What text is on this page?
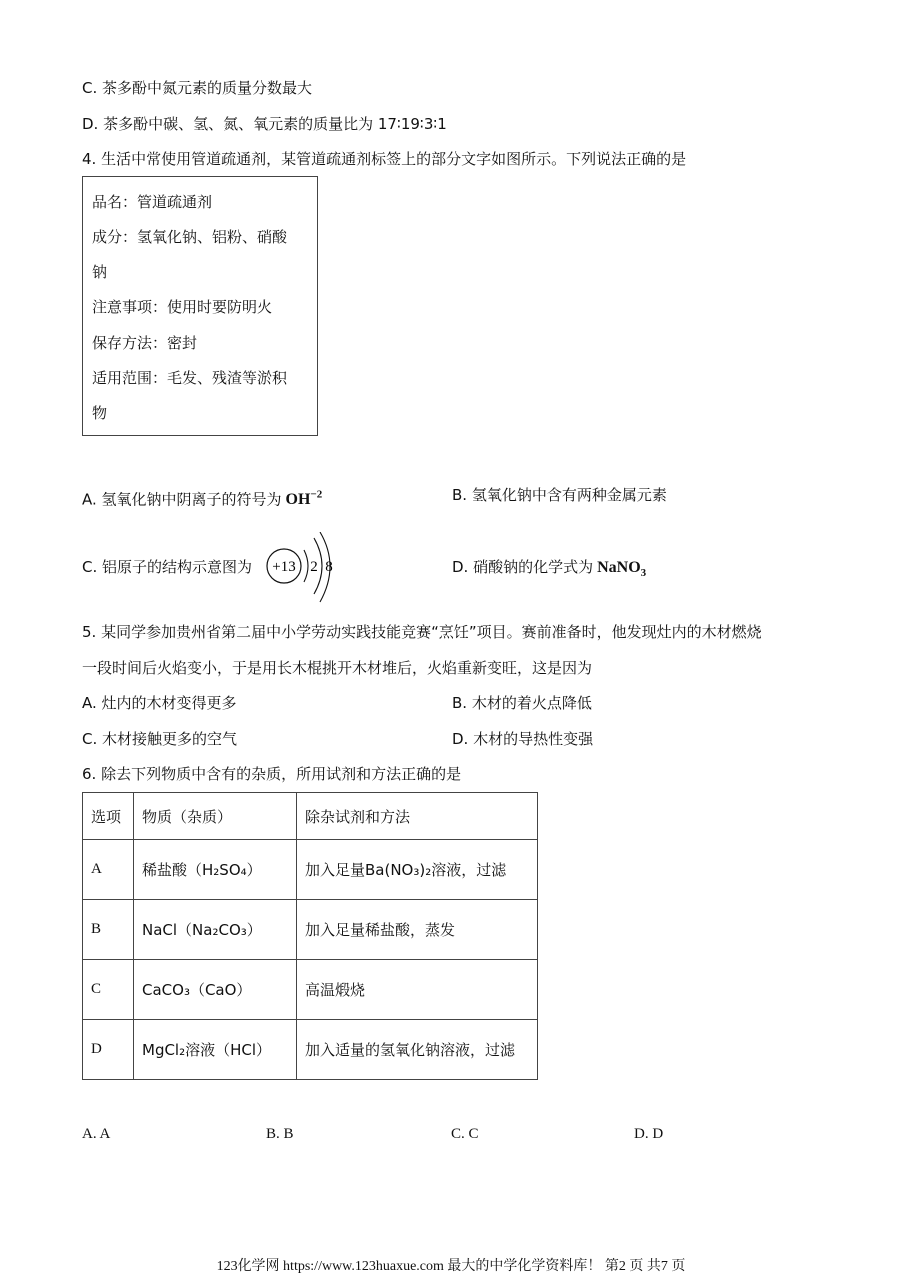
C. 茶多酚中氮元素的质量分数最大
D. 茶多酚中碳、氢、氮、氧元素的质量比为 17∶19∶3∶1
4. 生活中常使用管道疏通剂，某管道疏通剂标签上的部分文字如图所示。下列说法正确的是
品名：管道疏通剂
成分：氢氧化钠、铝粉、硝酸
钠
注意事项：使用时要防明火
保存方法：密封
适用范围：毛发、残渣等淤积
物
A. 氢氧化钠中阴离子的符号为 $OH^{-2}$	B. 氢氧化钠中含有两种金属元素
C. 铝原子的结构示意图为 +13 2 8	D. 硝酸钠的化学式为 NaNO$_3$
5. 某同学参加贵州省第二届中小学劳动实践技能竞赛“烹饪”项目。赛前准备时，他发现灶内的木材燃烧
一段时间后火焰变小，于是用长木棍挑开木材堆后，火焰重新变旺，这是因为
A. 灶内的木材变得更多	B. 木材的着火点降低
C. 木材接触更多的空气	D. 木材的导热性变强
6. 除去下列物质中含有的杂质，所用试剂和方法正确的是
选项	物质（杂质）	除杂试剂和方法
A	稀盐酸（H₂SO₄）	加入足量Ba(NO₃)₂溶液，过滤
B	NaCl（Na₂CO₃）	加入足量稀盐酸，蒸发
C	CaCO₃（CaO）	高温煅烧
D	MgCl₂溶液（HCl）	加入适量的氢氧化钠溶液，过滤
A. A	B. B	C. C	D. D
123化学网 https://www.123huaxue.com 最大的中学化学资料库！ 第2 页 共7 页
